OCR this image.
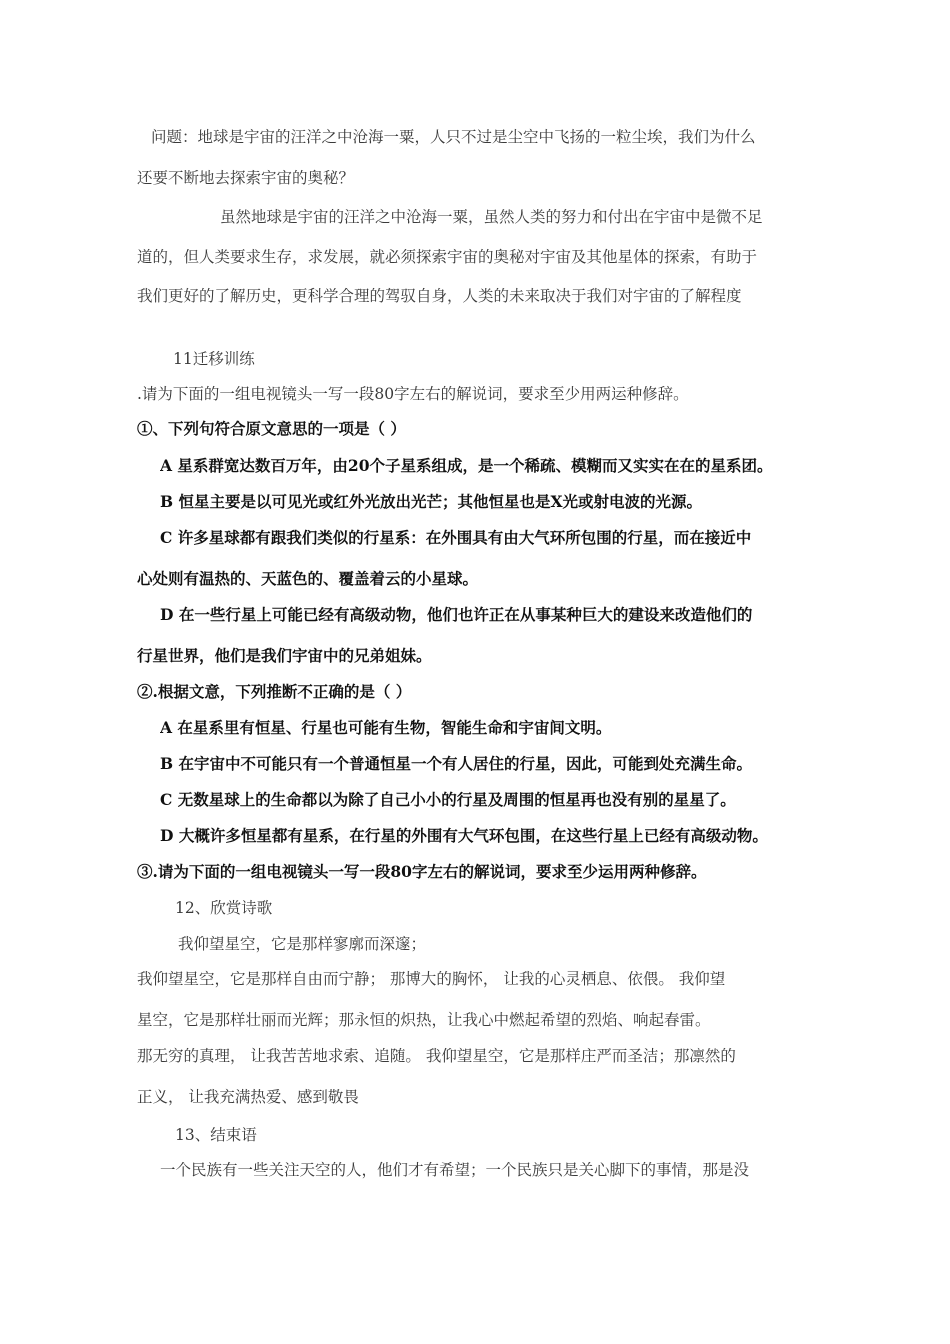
问题：地球是宇宙的汪洋之中沧海一粟，人只不过是尘空中飞扬的一粒尘埃，我们为什么
还要不断地去探索宇宙的奥秘？
虽然地球是宇宙的汪洋之中沧海一粟，虽然人类的努力和付出在宇宙中是微不足
道的，但人类要求生存，求发展，就必须探索宇宙的奥秘对宇宙及其他星体的探索，有助于
我们更好的了解历史，更科学合理的驾驭自身，人类的未来取决于我们对宇宙的了解程度
11迁移训练
.请为下面的一组电视镜头一写一段80字左右的解说词，要求至少用两运种修辞。
①、下列句符合原文意思的一项是（ ）
A 星系群宽达数百万年，由20个子星系组成，是一个稀疏、模糊而又实实在在的星系团。
B 恒星主要是以可见光或红外光放出光芒；其他恒星也是X光或射电波的光源。
C 许多星球都有跟我们类似的行星系：在外围具有由大气环所包围的行星，而在接近中
心处则有温热的、天蓝色的、覆盖着云的小星球。
D 在一些行星上可能已经有高级动物，他们也许正在从事某种巨大的建设来改造他们的
行星世界，他们是我们宇宙中的兄弟姐妹。
②.根据文意，下列推断不正确的是（ ）
A 在星系里有恒星、行星也可能有生物，智能生命和宇宙间文明。
B 在宇宙中不可能只有一个普通恒星一个有人居住的行星，因此，可能到处充满生命。
C 无数星球上的生命都以为除了自己小小的行星及周围的恒星再也没有别的星星了。
D 大概许多恒星都有星系，在行星的外围有大气环包围，在这些行星上已经有高级动物。
③.请为下面的一组电视镜头一写一段80字左右的解说词，要求至少运用两种修辞。
12、欣赏诗歌
我仰望星空，它是那样寥廓而深邃；
我仰望星空，它是那样自由而宁静； 那博大的胸怀， 让我的心灵栖息、依偎。 我仰望
星空，它是那样壮丽而光辉；那永恒的炽热，让我心中燃起希望的烈焰、响起春雷。
那无穷的真理， 让我苦苦地求索、追随。 我仰望星空，它是那样庄严而圣洁；那凛然的
正义， 让我充满热爱、感到敬畏
13、结束语
一个民族有一些关注天空的人，他们才有希望；一个民族只是关心脚下的事情，那是没
